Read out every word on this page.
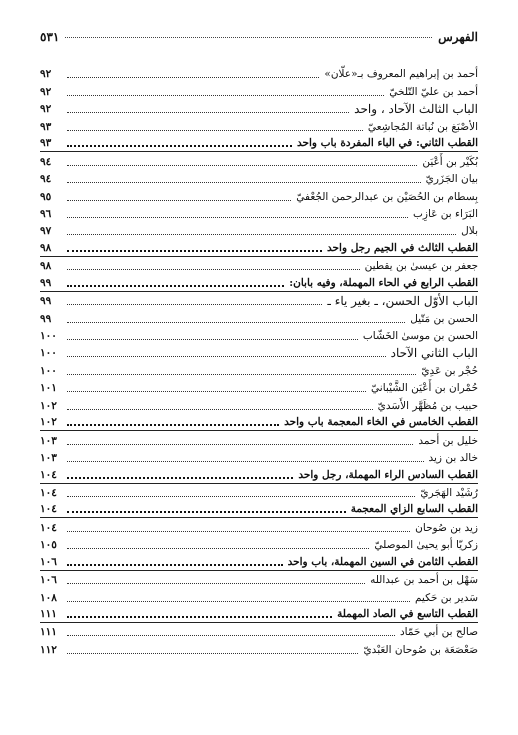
الفهرس
٥٣١
أحمد بن إبراهيم المعروف بـ«علّان»
٩٢
أحمد بن عليّ التّلخيّ
٩٢
الباب الثالث الآحاد ، واحد
٩٢
الأصْبَغ بن نُباتة المُجاشِعيّ
٩٣
القطب الثاني: في الباء المفردة باب واحد
٩٣
بُكَيْر بن أَعْيَن
٩٤
بيان الجَزَريّ
٩٤
بِسطام بن الحُصَيْن بن عبدالرحمن الجُعْفيّ
٩٥
البَرَاء بن عَازِب
٩٦
بلال
٩٧
القطب الثالث في الجيم رجل واحد
٩٨
جعفر بن عيسىٰ بن يقطين
٩٨
القطب الرابع في الحاء المهملة، وفيه بابان:
٩٩
الباب الأوّل الحسن، ـ بغير ياء ـ
٩٩
الحسن بن مَتّيل
٩٩
الحسن بن موسىٰ الخَشّاب
١٠٠
الباب الثاني الآحاد
١٠٠
حُجْر بن عَدِيّ
١٠٠
حُمْران بن أَعْيَن الشَّيْبانيّ
١٠١
حبيب بن مُظَهَّر الأَسَديّ
١٠٢
القطب الخامس في الخاء المعجمة باب واحد
١٠٢
خليل بن أحمد
١٠٣
خالد بن زيد
١٠٣
القطب السادس الراء المهملة، رجل واحد
١٠٤
رُشَيْد الهَجَريّ
١٠٤
القطب السابع الزاي المعجمة
١٠٤
زيد بن صُوحان
١٠٤
زكريّا أبو يحيىٰ الموصليّ
١٠٥
القطب الثامن في السين المهملة، باب واحد
١٠٦
سَهْل بن أحمد بن عبدالله
١٠٦
سَدير بن حَكيم
١٠٨
القطب التاسع في الصاد المهملة
١١١
صالح بن أبي حَمّاد
١١١
صَعْصَعَة بن صُوحان العَبْديّ
١١٢
